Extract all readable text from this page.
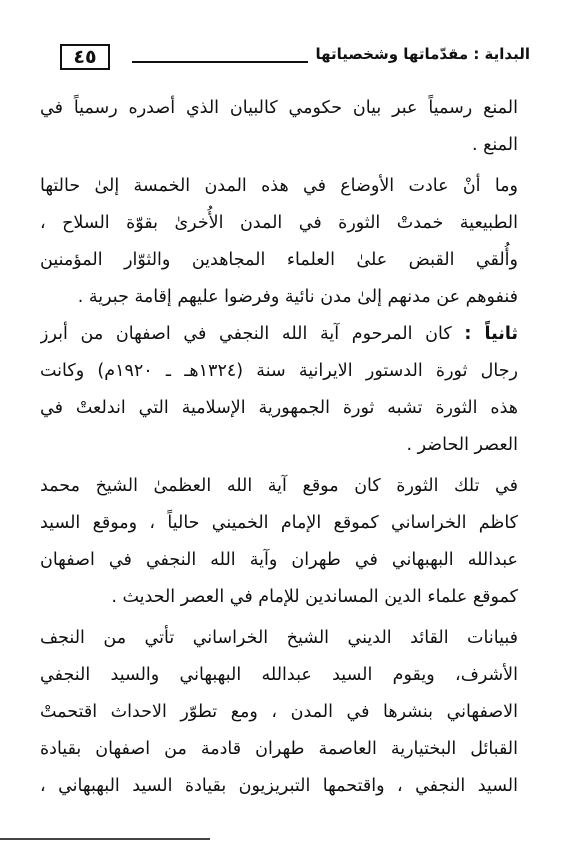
٤٥	البداية : مقدّماتها وشخصياتها
المنع رسمياً عبر بيان حكومي كالبيان الذي أصدره رسمياً في
المنع .
وما أنْ عادت الأوضاع في هذه المدن الخمسة إلىٰ حالتها
الطبيعية خمدتْ الثورة في المدن الأُخرىٰ بقوّة السلاح ،
وأُلقي القبض علىٰ العلماء المجاهدين والثوّار المؤمنين
فنفوهم عن مدنهم إلىٰ مدن نائية وفرضوا عليهم إقامة جبرية .
ثانياً : كان المرحوم آية الله النجفي في اصفهان من أبرز
رجال ثورة الدستور الايرانية سنة (١٣٢٤هـ ـ ١٩٢٠م) وكانت
هذه الثورة تشبه ثورة الجمهورية الإسلامية التي اندلعتْ في
العصر الحاضر .
في تلك الثورة كان موقع آية الله العظمىٰ الشيخ محمد
كاظم الخراساني كموقع الإمام الخميني حالياً ، وموقع السيد
عبدالله البهبهاني في طهران وآية الله النجفي في اصفهان
كموقع علماء الدين المساندين للإمام في العصر الحديث .
فبيانات القائد الديني الشيخ الخراساني تأتي من النجف
الأشرف، ويقوم السيد عبدالله البهبهاني والسيد النجفي
الاصفهاني بنشرها في المدن ، ومع تطوّر الاحداث اقتحمتْ
القبائل البختيارية العاصمة طهران قادمة من اصفهان بقيادة
السيد النجفي ، واقتحمها التبريزيون بقيادة السيد البهبهاني ،
